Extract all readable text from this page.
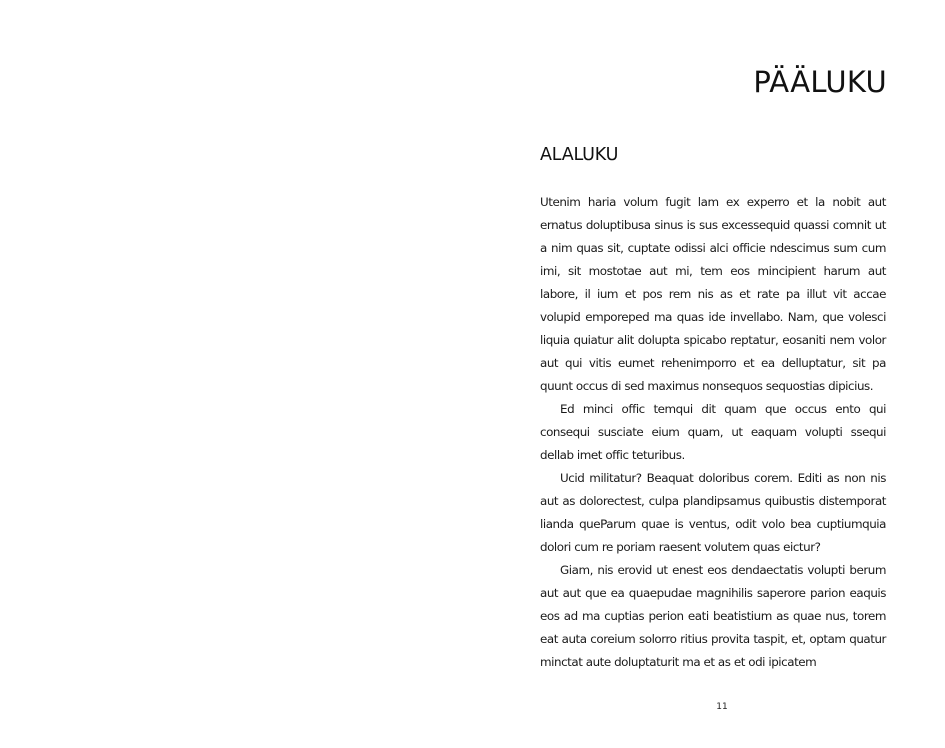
PÄÄLUKU
ALALUKU

Utenim haria volum fugit lam ex experro et la nobit aut ernatus doluptibusa sinus is sus excessequid quassi comnit ut a nim quas sit, cuptate odissi alci officie ndescimus sum cum imi, sit mostotae aut mi, tem eos mincipient harum aut labore, il ium et pos rem nis as et rate pa illut vit accae volupid emporeped ma quas ide invellabo. Nam, que volesci liquia quiatur alit dolupta spicabo reptatur, eosaniti nem volor aut qui vitis eumet rehenimporro et ea delluptatur, sit pa quunt occus di sed maximus nonsequos sequostias dipicius.

Ed minci offic temqui dit quam que occus ento qui consequi susciate eium quam, ut eaquam volupti ssequi dellab imet offic teturibus.

Ucid militatur? Beaquat doloribus corem. Editi as non nis aut as dolorectest, culpa plandipsamus quibustis distemporat lianda queParum quae is ventus, odit volo bea cuptiumquia dolori cum re poriam raesent volutem quas eictur?

Giam, nis erovid ut enest eos dendaectatis volupti berum aut aut que ea quaepudae magnihilis saperore parion eaquis eos ad ma cuptias perion eati beatistium as quae nus, torem eat auta coreium solorro ritius provita taspit, et, optam quatur minctat aute doluptaturit ma et as et odi ipicatem

11
